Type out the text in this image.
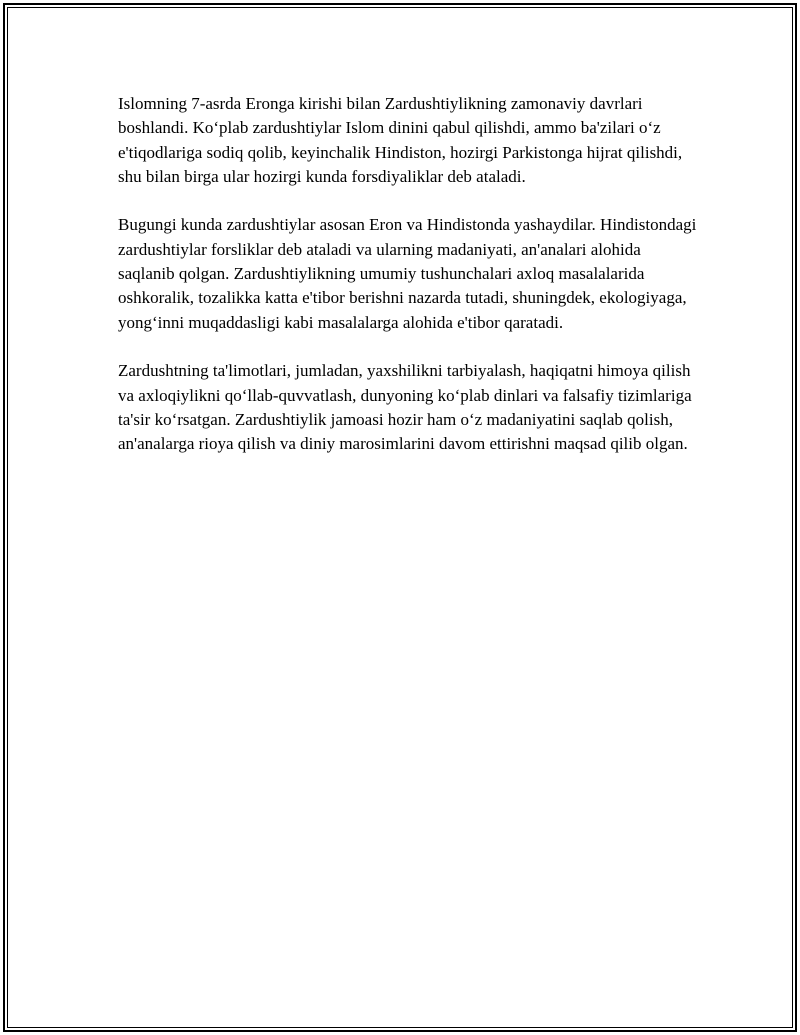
Islomning 7-asrda Eronga kirishi bilan Zardushtiylikning zamonaviy davrlari boshlandi. Ko‘plab zardushtiylar Islom dinini qabul qilishdi, ammo ba'zilari o‘z e'tiqodlariga sodiq qolib, keyinchalik Hindiston, hozirgi Parkistonga hijrat qilishdi, shu bilan birga ular hozirgi kunda forsdiyaliklar deb ataladi.

Bugungi kunda zardushtiylar asosan Eron va Hindistonda yashaydilar. Hindistondagi zardushtiylar forsliklar deb ataladi va ularning madaniyati, an'analari alohida saqlanib qolgan. Zardushtiylikning umumiy tushunchalari axloq masalalarida oshkoralik, tozalikka katta e'tibor berishni nazarda tutadi, shuningdek, ekologiyaga, yong‘inni muqaddasligi kabi masalalarga alohida e'tibor qaratadi.

Zardushtning ta'limotlari, jumladan, yaxshilikni tarbiyalash, haqiqatni himoya qilish va axloqiylikni qo‘llab-quvvatlash, dunyoning ko‘plab dinlari va falsafiy tizimlariga ta'sir ko‘rsatgan. Zardushtiylik jamoasi hozir ham o‘z madaniyatini saqlab qolish, an'analarga rioya qilish va diniy marosimlarini davom ettirishni maqsad qilib olgan.
